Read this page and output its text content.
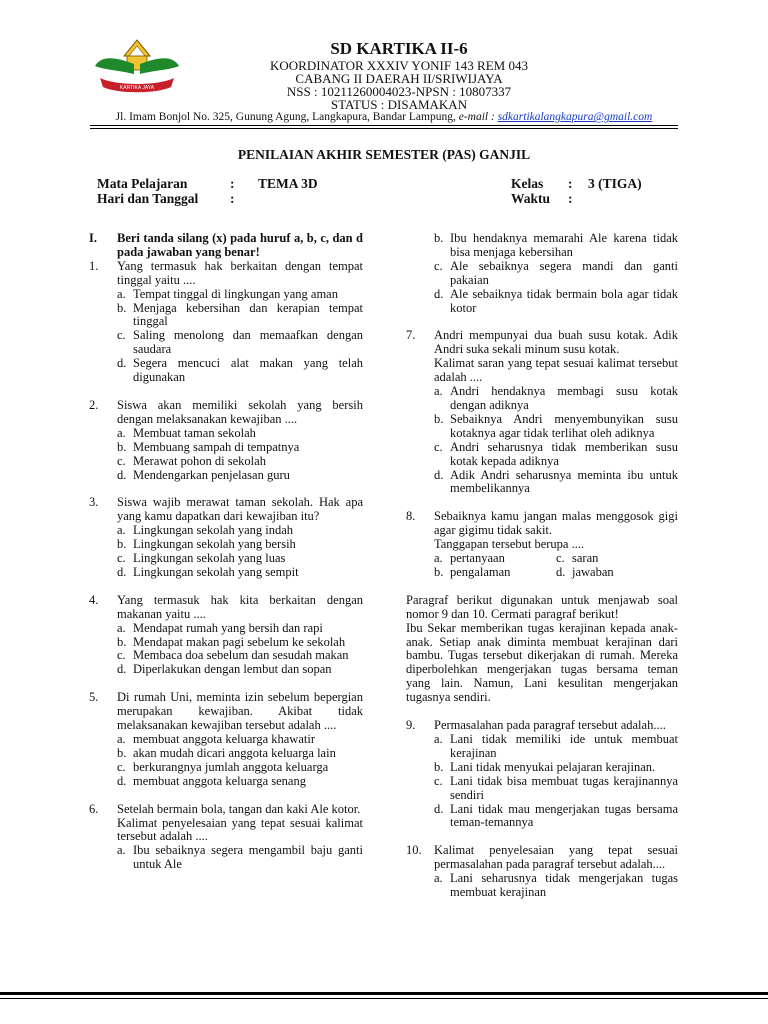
KARTIKA JAYA
SD KARTIKA II-6
KOORDINATOR XXXIV YONIF 143 REM 043
CABANG II DAERAH II/SRIWIJAYA
NSS : 10211260004023-NPSN : 10807337
STATUS : DISAMAKAN
Jl. Imam Bonjol No. 325, Gunung Agung, Langkapura, Bandar Lampung, e-mail : sdkartikalangkapura@gmail.com
PENILAIAN AKHIR SEMESTER (PAS) GANJIL
Mata Pelajaran	: TEMA 3D
Hari dan Tanggal :
Kelas : 3 (TIGA)
Waktu :
I.	Beri tanda silang (x) pada huruf a, b, c, dan d pada jawaban yang benar!
1.	Yang termasuk hak berkaitan dengan tempat tinggal yaitu ....
a. Tempat tinggal di lingkungan yang aman
b. Menjaga kebersihan dan kerapian tempat tinggal
c. Saling menolong dan memaafkan dengan saudara
d. Segera mencuci alat makan yang telah digunakan
2.	Siswa akan memiliki sekolah yang bersih dengan melaksanakan kewajiban ....
a. Membuat taman sekolah
b. Membuang sampah di tempatnya
c. Merawat pohon di sekolah
d. Mendengarkan penjelasan guru
3.	Siswa wajib merawat taman sekolah. Hak apa yang kamu dapatkan dari kewajiban itu?
a. Lingkungan sekolah yang indah
b. Lingkungan sekolah yang bersih
c. Lingkungan sekolah yang luas
d. Lingkungan sekolah yang sempit
4.	Yang termasuk hak kita berkaitan dengan makanan yaitu ....
a. Mendapat rumah yang bersih dan rapi
b. Mendapat makan pagi sebelum ke sekolah
c. Membaca doa sebelum dan sesudah makan
d. Diperlakukan dengan lembut dan sopan
5.	Di rumah Uni, meminta izin sebelum bepergian merupakan kewajiban. Akibat tidak melaksanakan kewajiban tersebut adalah ....
a. membuat anggota keluarga khawatir
b. akan mudah dicari anggota keluarga lain
c. berkurangnya jumlah anggota keluarga
d. membuat anggota keluarga senang
6.	Setelah bermain bola, tangan dan kaki Ale kotor.
Kalimat penyelesaian yang tepat sesuai kalimat tersebut adalah ....
a. Ibu sebaiknya segera mengambil baju ganti untuk Ale
b. Ibu hendaknya memarahi Ale karena tidak bisa menjaga kebersihan
c. Ale sebaiknya segera mandi dan ganti pakaian
d. Ale sebaiknya tidak bermain bola agar tidak kotor
7.	Andri mempunyai dua buah susu kotak. Adik Andri suka sekali minum susu kotak.
Kalimat saran yang tepat sesuai kalimat tersebut adalah ....
a. Andri hendaknya membagi susu kotak dengan adiknya
b. Sebaiknya Andri menyembunyikan susu kotaknya agar tidak terlihat oleh adiknya
c. Andri seharusnya tidak memberikan susu kotak kepada adiknya
d. Adik Andri seharusnya meminta ibu untuk membelikannya
8.	Sebaiknya kamu jangan malas menggosok gigi agar gigimu tidak sakit.
Tanggapan tersebut berupa ....
a. pertanyaan	c. saran
b. pengalaman	d. jawaban
Paragraf berikut digunakan untuk menjawab soal nomor 9 dan 10. Cermati paragraf berikut!
Ibu Sekar memberikan tugas kerajinan kepada anak-anak. Setiap anak diminta membuat kerajinan dari bambu. Tugas tersebut dikerjakan di rumah. Mereka diperbolehkan mengerjakan tugas bersama teman yang lain. Namun, Lani kesulitan mengerjakan tugasnya sendiri.
9.	Permasalahan pada paragraf tersebut adalah....
a. Lani tidak memiliki ide untuk membuat kerajinan
b. Lani tidak menyukai pelajaran kerajinan.
c. Lani tidak bisa membuat tugas kerajinannya sendiri
d. Lani tidak mau mengerjakan tugas bersama teman-temannya
10. Kalimat penyelesaian yang tepat sesuai permasalahan pada paragraf tersebut adalah....
a. Lani seharusnya tidak mengerjakan tugas membuat kerajinan
